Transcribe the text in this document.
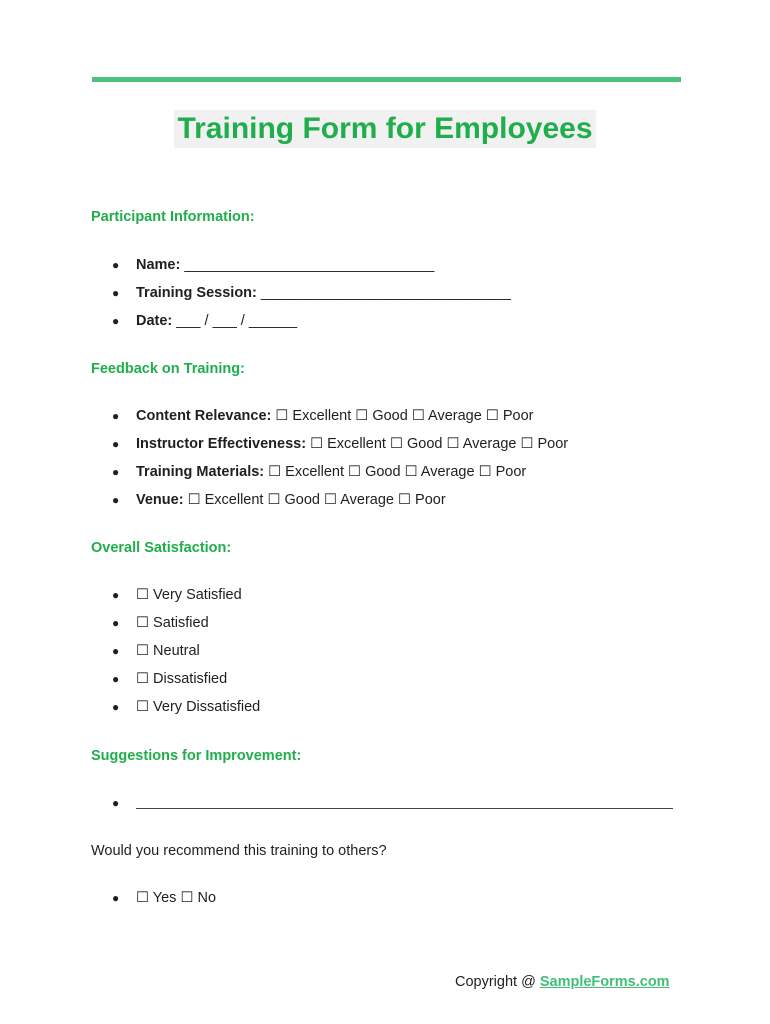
Training Form for Employees
Participant Information:
● Name: _______________________________
● Training Session: _______________________________
● Date: ___ / ___ / ______
Feedback on Training:
● Content Relevance: ☐ Excellent ☐ Good ☐ Average ☐ Poor
● Instructor Effectiveness: ☐ Excellent ☐ Good ☐ Average ☐ Poor
● Training Materials: ☐ Excellent ☐ Good ☐ Average ☐ Poor
● Venue: ☐ Excellent ☐ Good ☐ Average ☐ Poor
Overall Satisfaction:
● ☐ Very Satisfied
● ☐ Satisfied
● ☐ Neutral
● ☐ Dissatisfied
● ☐ Very Dissatisfied
Suggestions for Improvement:
●
Would you recommend this training to others?
● ☐ Yes ☐ No
Copyright @ SampleForms.com
